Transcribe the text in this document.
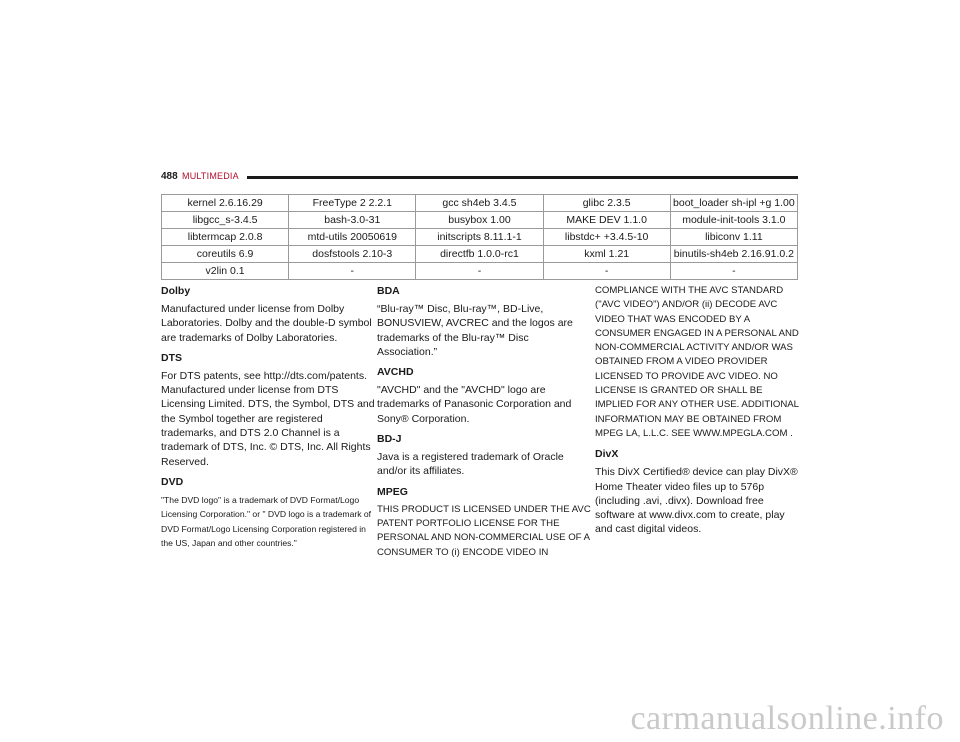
488 MULTIMEDIA
kernel 2.6.16.29	FreeType 2 2.2.1	gcc sh4eb 3.4.5	glibc 2.3.5	boot_loader sh-ipl +g 1.00
libgcc_s-3.4.5	bash-3.0-31	busybox 1.00	MAKE DEV 1.1.0	module-init-tools 3.1.0
libtermcap 2.0.8	mtd-utils 20050619	initscripts 8.11.1-1	libstdc+ +3.4.5-10	libiconv 1.11
coreutils 6.9	dosfstools 2.10-3	directfb 1.0.0-rc1	kxml 1.21	binutils-sh4eb 2.16.91.0.2
v2lin 0.1	-	-	-	-
Dolby

Manufactured under license from Dolby Laboratories. Dolby and the double-D symbol are trademarks of Dolby Laboratories.

DTS

For DTS patents, see http://dts.com/patents. Manufactured under license from DTS Licensing Limited. DTS, the Symbol, DTS and the Symbol together are registered trademarks, and DTS 2.0 Channel is a trademark of DTS, Inc. © DTS, Inc. All Rights Reserved.

DVD

"The DVD logo" is a trademark of DVD Format/Logo Licensing Corporation." or " DVD logo is a trademark of DVD Format/Logo Licensing Corporation registered in the US, Japan and other countries."

BDA

“Blu-ray™ Disc, Blu-ray™, BD-Live, BONUSVIEW, AVCREC and the logos are trademarks of the Blu-ray™ Disc Association.”

AVCHD

"AVCHD" and the "AVCHD" logo are trademarks of Panasonic Corporation and Sony® Corporation.

BD-J

Java is a registered trademark of Oracle and/or its affiliates.

MPEG

THIS PRODUCT IS LICENSED UNDER THE AVC PATENT PORTFOLIO LICENSE FOR THE PERSONAL AND NON-COMMERCIAL USE OF A CONSUMER TO (i) ENCODE VIDEO IN

COMPLIANCE WITH THE AVC STANDARD ("AVC VIDEO") AND/OR (ii) DECODE AVC VIDEO THAT WAS ENCODED BY A CONSUMER ENGAGED IN A PERSONAL AND NON-COMMERCIAL ACTIVITY AND/OR WAS OBTAINED FROM A VIDEO PROVIDER LICENSED TO PROVIDE AVC VIDEO. NO LICENSE IS GRANTED OR SHALL BE IMPLIED FOR ANY OTHER USE. ADDITIONAL INFORMATION MAY BE OBTAINED FROM MPEG LA, L.L.C. SEE WWW.MPEGLA.COM .

DivX

This DivX Certified® device can play DivX® Home Theater video files up to 576p (including .avi, .divx). Download free software at www.divx.com to create, play and cast digital videos.

carmanualsonline.info
